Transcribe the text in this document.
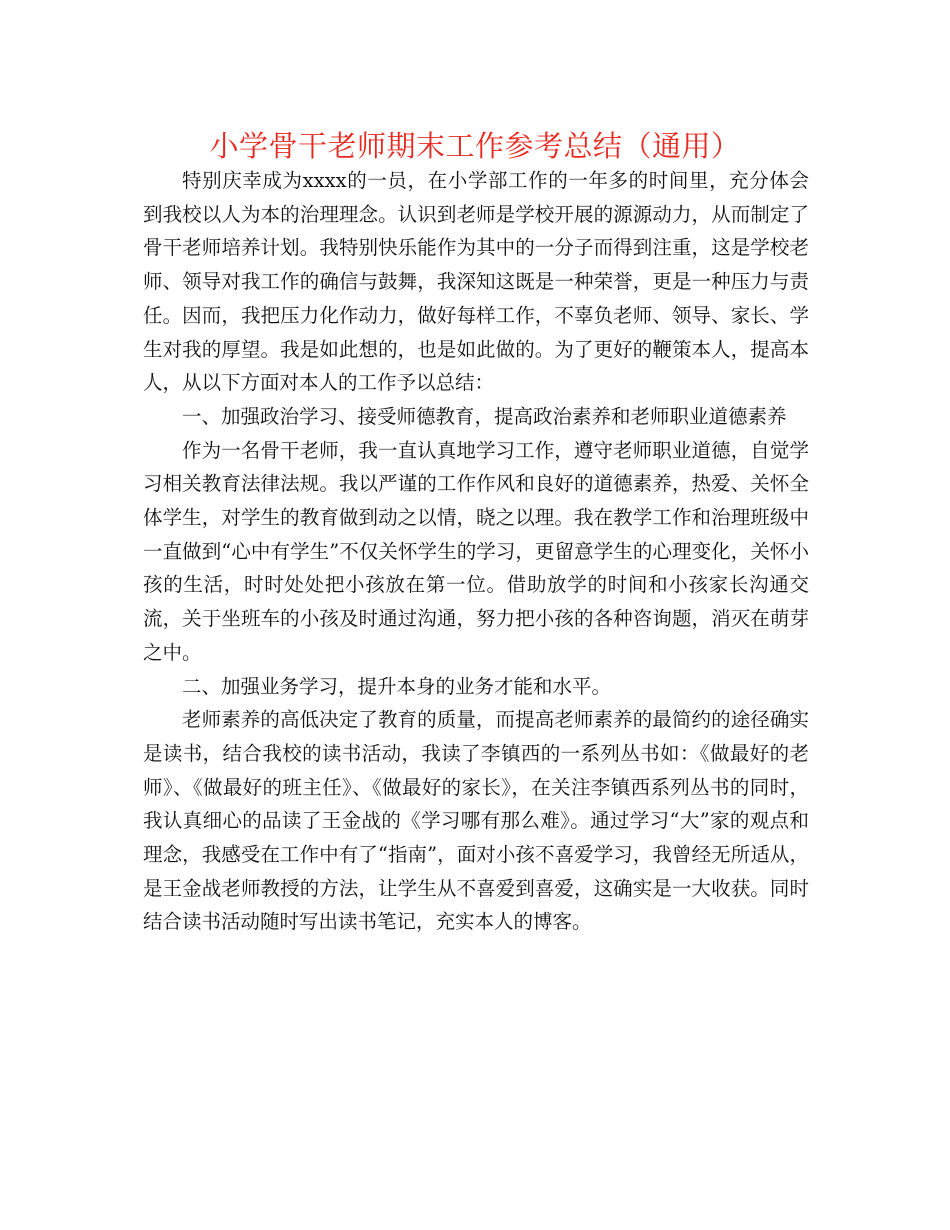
小学骨干老师期末工作参考总结（通用）

特别庆幸成为xxxx的一员，在小学部工作的一年多的时间里，充分体会到我校以人为本的治理理念。认识到老师是学校开展的源源动力，从而制定了骨干老师培养计划。我特别快乐能作为其中的一分子而得到注重，这是学校老师、领导对我工作的确信与鼓舞，我深知这既是一种荣誉，更是一种压力与责任。因而，我把压力化作动力，做好每样工作，不辜负老师、领导、家长、学生对我的厚望。我是如此想的，也是如此做的。为了更好的鞭策本人，提高本人，从以下方面对本人的工作予以总结：

一、加强政治学习、接受师德教育，提高政治素养和老师职业道德素养

作为一名骨干老师，我一直认真地学习工作，遵守老师职业道德，自觉学习相关教育法律法规。我以严谨的工作作风和良好的道德素养，热爱、关怀全体学生，对学生的教育做到动之以情，晓之以理。我在教学工作和治理班级中一直做到“心中有学生”不仅关怀学生的学习，更留意学生的心理变化，关怀小孩的生活，时时处处把小孩放在第一位。借助放学的时间和小孩家长沟通交流，关于坐班车的小孩及时通过沟通，努力把小孩的各种咨询题，消灭在萌芽之中。

二、加强业务学习，提升本身的业务才能和水平。

老师素养的高低决定了教育的质量，而提高老师素养的最简约的途径确实是读书，结合我校的读书活动，我读了李镇西的一系列丛书如：《做最好的老师》、《做最好的班主任》、《做最好的家长》，在关注李镇西系列丛书的同时，我认真细心的品读了王金战的《学习哪有那么难》。通过学习“大”家的观点和理念，我感受在工作中有了“指南”，面对小孩不喜爱学习，我曾经无所适从，是王金战老师教授的方法，让学生从不喜爱到喜爱，这确实是一大收获。同时结合读书活动随时写出读书笔记，充实本人的博客。
